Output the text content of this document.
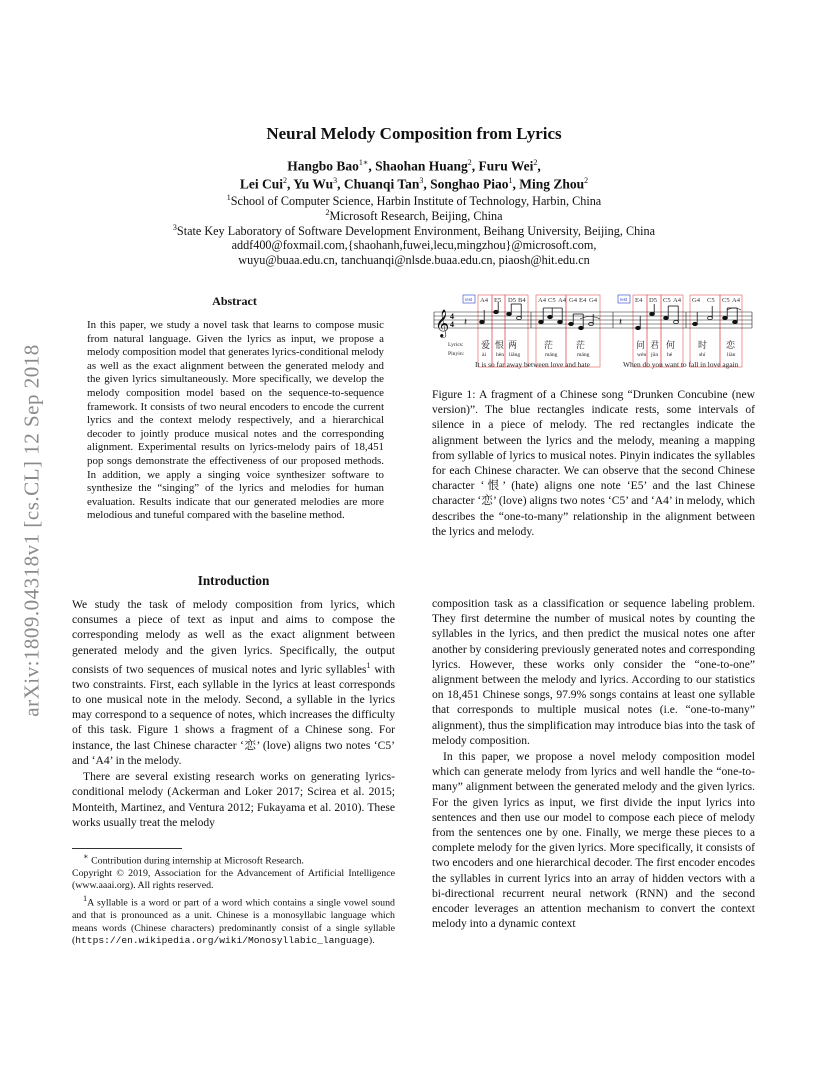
arXiv:1809.04318v1 [cs.CL] 12 Sep 2018
Neural Melody Composition from Lyrics
Hangbo Bao$^{1∗}$, Shaohan Huang$^2$, Furu Wei$^2$,
Lei Cui$^2$, Yu Wu$^3$, Chuanqi Tan$^3$, Songhao Piao$^1$, Ming Zhou$^2$
$^1$School of Computer Science, Harbin Institute of Technology, Harbin, China
$^2$Microsoft Research, Beijing, China
$^3$State Key Laboratory of Software Development Environment, Beihang University, Beijing, China
addf400@foxmail.com,{shaohanh,fuwei,lecu,mingzhou}@microsoft.com,
wuyu@buaa.edu.cn, tanchuanqi@nlsde.buaa.edu.cn, piaosh@hit.edu.cn
Abstract
In this paper, we study a novel task that learns to compose music from natural language. Given the lyrics as input, we propose a melody composition model that generates lyrics-conditional melody as well as the exact alignment between the generated melody and the given lyrics simultaneously. More specifically, we develop the melody composition model based on the sequence-to-sequence framework. It consists of two neural encoders to encode the current lyrics and the context melody respectively, and a hierarchical decoder to jointly produce musical notes and the corresponding alignment. Experimental results on lyrics-melody pairs of 18,451 pop songs demonstrate the effectiveness of our proposed methods. In addition, we apply a singing voice synthesizer software to synthesize the “singing” of the lyrics and melodies for human evaluation. Results indicate that our generated melodies are more melodious and tuneful compared with the baseline method.
rest	rest
A4 E5 D5 B4 A4 C5 A4 G4 E4 G4	E4 D5 C5 A4 G4 C5 C5 A4
𝄞 4
4 𝄽	𝄽
Lyrics:
Pinyin:
爱 恨 两	茫	茫
ài hèn liǎng	máng	máng
问 君 何	时 恋
wèn jūn hé	shí	liàn
It is so far away between love and hate	When do you want to fall in love again
Figure 1: A fragment of a Chinese song “Drunken Concubine (new version)”. The blue rectangles indicate rests, some intervals of silence in a piece of melody. The red rectangles indicate the alignment between the lyrics and the melody, meaning a mapping from syllable of lyrics to musical notes. Pinyin indicates the syllables for each Chinese character. We can observe that the second Chinese character ‘恨’ (hate) aligns one note ‘E5’ and the last Chinese character ‘恋’ (love) aligns two notes ‘C5’ and ‘A4’ in melody, which describes the “one-to-many” relationship in the alignment between the lyrics and melody.
Introduction

We study the task of melody composition from lyrics, which consumes a piece of text as input and aims to compose the corresponding melody as well as the exact alignment between generated melody and the given lyrics. Specifically, the output consists of two sequences of musical notes and lyric syllables$^1$ with two constraints. First, each syllable in the lyrics at least corresponds to one musical note in the melody. Second, a syllable in the lyrics may correspond to a sequence of notes, which increases the difficulty of this task. Figure 1 shows a fragment of a Chinese song. For instance, the last Chinese character ‘恋’ (love) aligns two notes ‘C5’ and ‘A4’ in the melody.

There are several existing research works on generating lyrics-conditional melody (Ackerman and Loker 2017; Scirea et al. 2015; Monteith, Martinez, and Ventura 2012; Fukayama et al. 2010). These works usually treat the melody

∗ Contribution during internship at Microsoft Research.

Copyright © 2019, Association for the Advancement of Artificial Intelligence (www.aaai.org). All rights reserved.

$^1$A syllable is a word or part of a word which contains a single vowel sound and that is pronounced as a unit. Chinese is a monosyllabic language which means words (Chinese characters) predominantly consist of a single syllable (https://en.wikipedia.org/wiki/Monosyllabic_language).

composition task as a classification or sequence labeling problem. They first determine the number of musical notes by counting the syllables in the lyrics, and then predict the musical notes one after another by considering previously generated notes and corresponding lyrics. However, these works only consider the “one-to-one” alignment between the melody and lyrics. According to our statistics on 18,451 Chinese songs, 97.9% songs contains at least one syllable that corresponds to multiple musical notes (i.e. “one-to-many” alignment), thus the simplification may introduce bias into the task of melody composition.

In this paper, we propose a novel melody composition model which can generate melody from lyrics and well handle the “one-to-many” alignment between the generated melody and the given lyrics. For the given lyrics as input, we first divide the input lyrics into sentences and then use our model to compose each piece of melody from the sentences one by one. Finally, we merge these pieces to a complete melody for the given lyrics. More specifically, it consists of two encoders and one hierarchical decoder. The first encoder encodes the syllables in current lyrics into an array of hidden vectors with a bi-directional recurrent neural network (RNN) and the second encoder leverages an attention mechanism to convert the context melody into a dynamic context
